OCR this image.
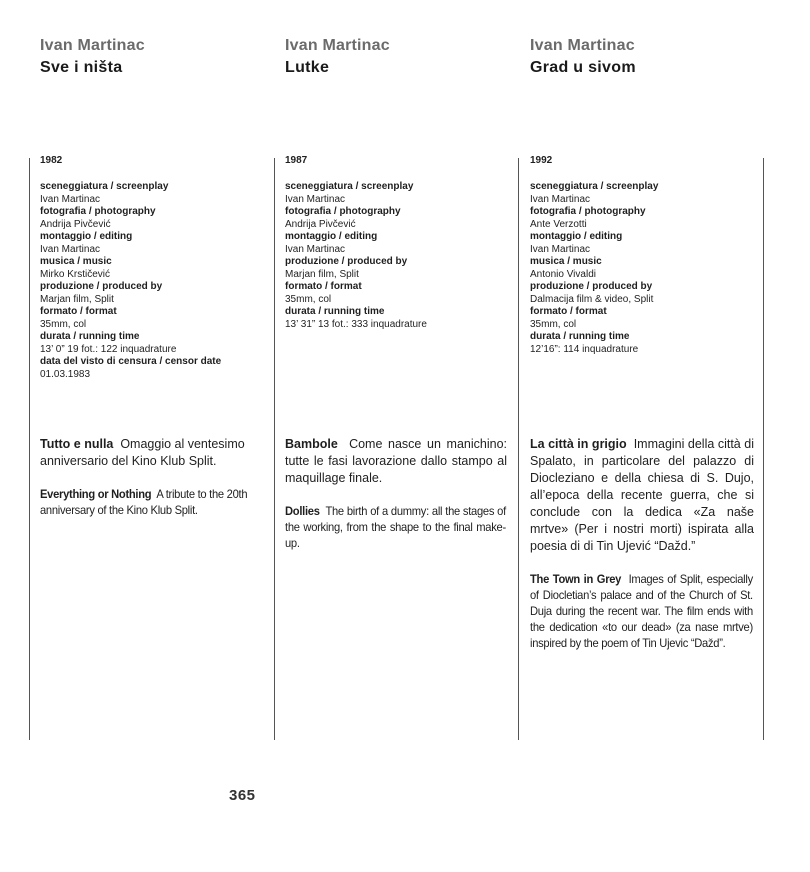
Ivan Martinac
Sve i ništa
1982
sceneggiatura / screenplay
Ivan Martinac
fotografia / photography
Andrija Pivčević
montaggio / editing
Ivan Martinac
musica / music
Mirko Krstičević
produzione / produced by
Marjan film, Split
formato / format
35mm, col
durata / running time
13’ 0” 19 fot.: 122 inquadrature
data del visto di censura / censor date
01.03.1983

Tutto e nulla Omaggio al ventesimo anniversario del Kino Klub Split.

Everything or Nothing A tribute to the 20th anniversary of the Kino Klub Split.

Ivan Martinac
Lutke
1987
sceneggiatura / screenplay
Ivan Martinac
fotografia / photography
Andrija Pivčević
montaggio / editing
Ivan Martinac
produzione / produced by
Marjan film, Split
formato / format
35mm, col
durata / running time
13’ 31” 13 fot.: 333 inquadrature

Bambole Come nasce un manichino: tutte le fasi lavorazione dallo stampo al maquillage finale.

Dollies The birth of a dummy: all the stages of the working, from the shape to the final make-up.

Ivan Martinac
Grad u sivom
1992
sceneggiatura / screenplay
Ivan Martinac
fotografia / photography
Ante Verzotti
montaggio / editing
Ivan Martinac
musica / music
Antonio Vivaldi
produzione / produced by
Dalmacija film & video, Split
formato / format
35mm, col
durata / running time
12’16”: 114 inquadrature

La città in grigio Immagini della città di Spalato, in particolare del palazzo di Diocleziano e della chiesa di S. Dujo, all’epoca della recente guerra, che si conclude con la dedica «Za naše mrtve» (Per i nostri morti) ispirata alla poesia di di Tin Ujević “Dažd.”

The Town in Grey Images of Split, especially of Diocletian’s palace and of the Church of St. Duja during the recent war. The film ends with the dedication «to our dead» (za nase mrtve) inspired by the poem of Tin Ujevic “Dažd”.

365
